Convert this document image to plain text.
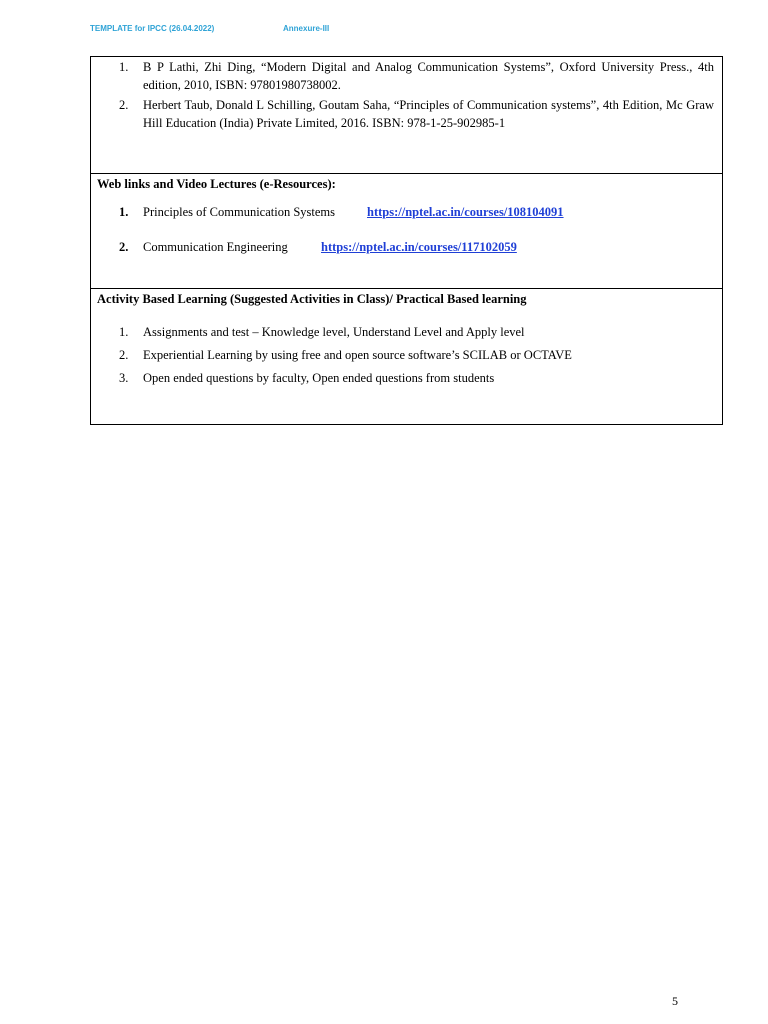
TEMPLATE for IPCC (26.04.2022)	Annexure-III
1. B P Lathi, Zhi Ding, “Modern Digital and Analog Communication Systems”, Oxford University Press., 4th edition, 2010, ISBN: 97801980738002.
2. Herbert Taub, Donald L Schilling, Goutam Saha, “Principles of Communication systems”, 4th Edition, Mc Graw Hill Education (India) Private Limited, 2016. ISBN: 978-1-25-902985-1
Web links and Video Lectures (e-Resources):
1. Principles of Communication Systems	https://nptel.ac.in/courses/108104091
2. Communication Engineering	https://nptel.ac.in/courses/117102059
Activity Based Learning (Suggested Activities in Class)/ Practical Based learning
1. Assignments and test – Knowledge level, Understand Level and Apply level
2. Experiential Learning by using free and open source software’s SCILAB or OCTAVE
3. Open ended questions by faculty, Open ended questions from students
5
